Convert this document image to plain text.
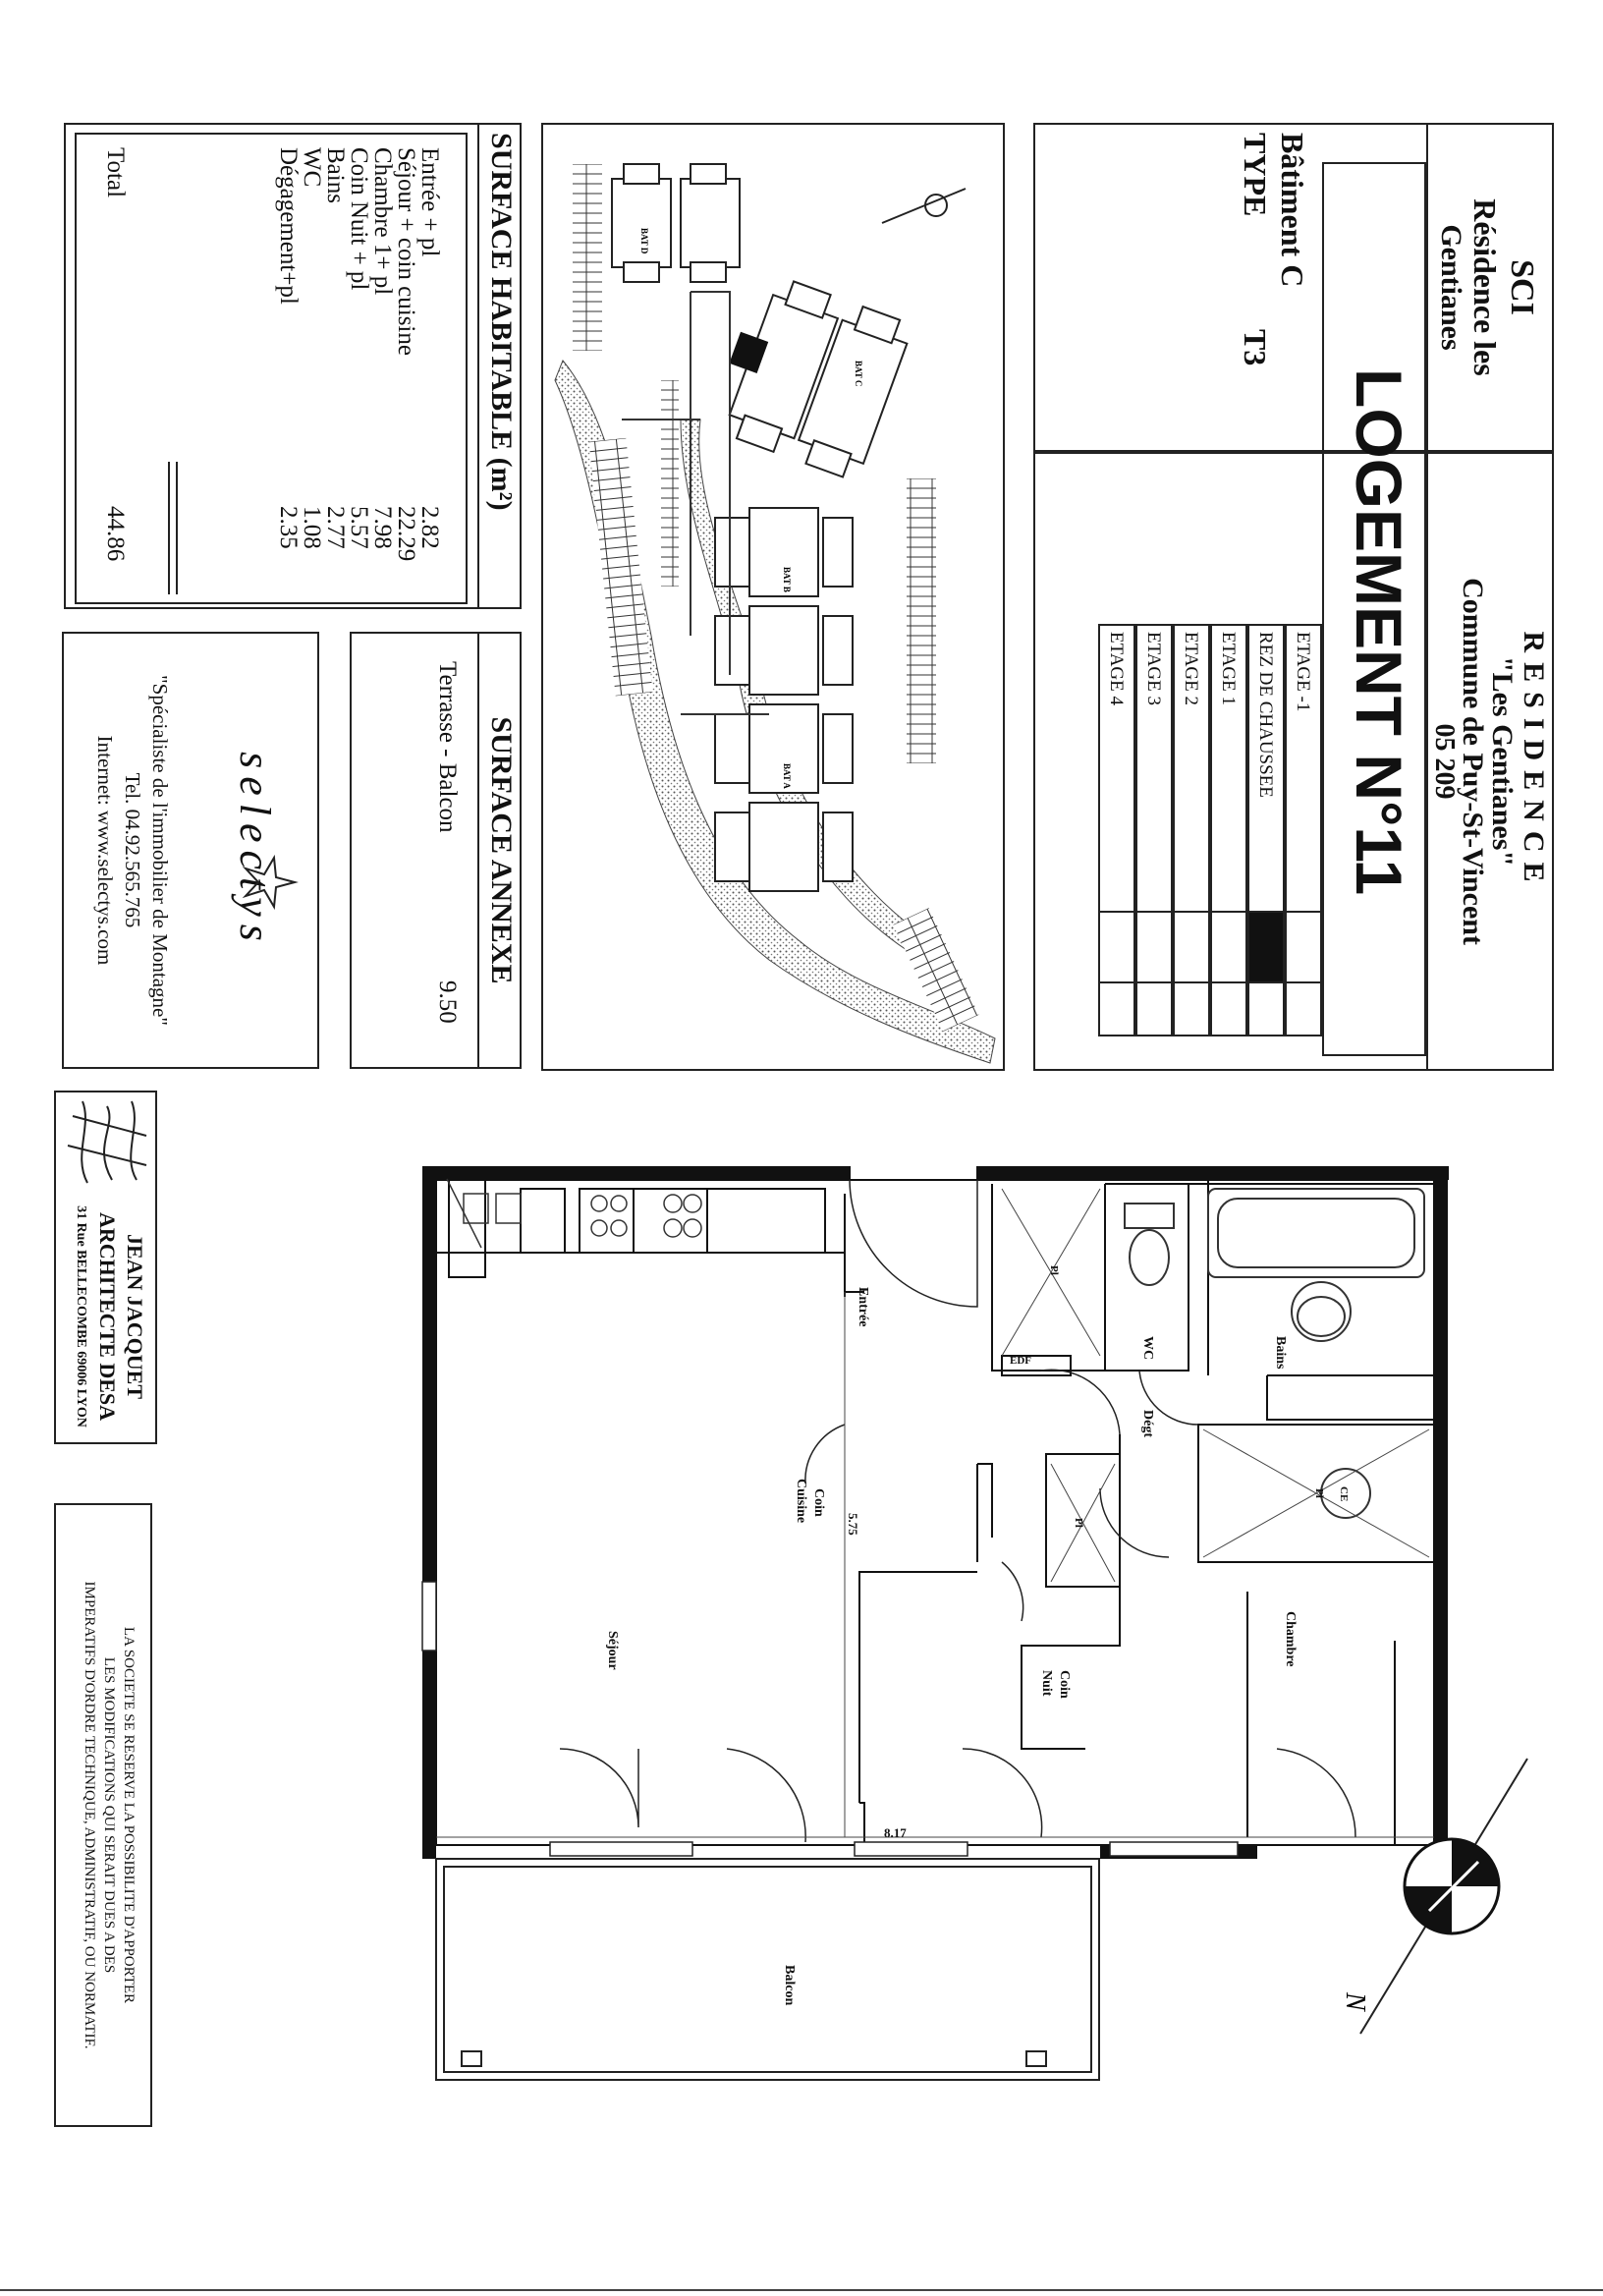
SCI
Résidence les
Gentianes
RESIDENCE
"Les Gentianes"
Commune de Puy-St-Vincent
05 209
LOGEMENT N°11
Bâtiment C
TYPE
T3
ETAGE -1
REZ DE CHAUSSEE
ETAGE 1
ETAGE 2
ETAGE 3
ETAGE 4
BAT D
BAT C
BAT B
BAT A
SURFACE HABITABLE (m²)
Entrée + pl
2.82
Séjour + coin cuisine
22.29
Chambre 1+ pl
7.98
Coin Nuit + pl
5.57
Bains
2.77
WC
1.08
Dégagement+pl
2.35
Total
44.86
SURFACE ANNEXE
Terrasse - Balcon
9.50
selectys
"Spécialiste de l'immobilier de Montagne"
Tel. 04.92.565.765
Internet: www.selectys.com
JEAN JACQUET
ARCHITECTE DESA
31 Rue BELLECOMBE 69006 LYON
LA SOCIETE SE RESERVE LA POSSIBILITE D'APPORTER
LES MODIFICATIONS QUI SERAIT DUES A DES
IMPERATIFS D'ORDRE TECHNIQUE, ADMINISTRATIF, OU NORMATIF.
Bains
WC
EDF
Dégt
Entrée
Coin
Cuisine
Séjour	Chambre
Coin
Nuit
Balcon
Pl
Pl
Pl CE
5.75
8.17
N
